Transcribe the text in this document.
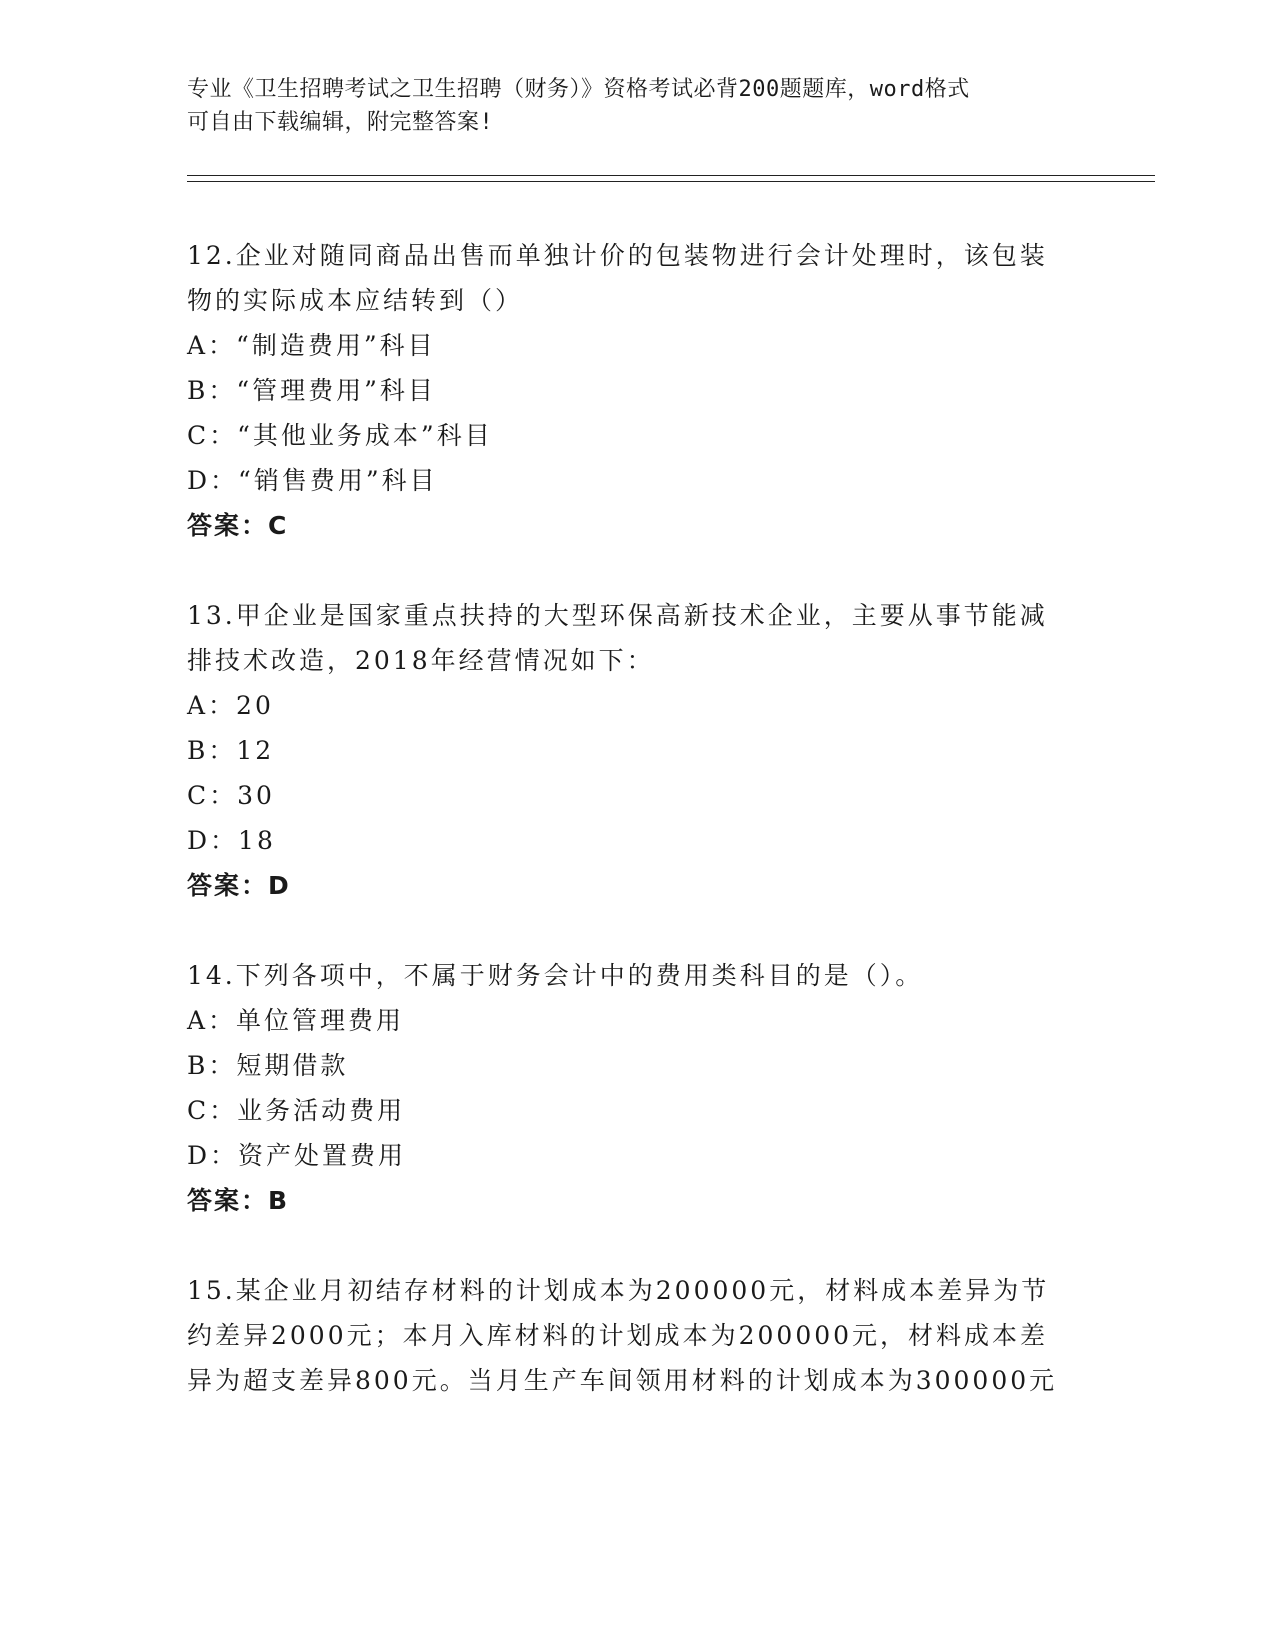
专业《卫生招聘考试之卫生招聘（财务）》资格考试必背200题题库，word格式
可自由下载编辑，附完整答案!

12.企业对随同商品出售而单独计价的包装物进行会计处理时，该包装物的实际成本应结转到（）

A：“制造费用”科目

B：“管理费用”科目

C：“其他业务成本”科目

D：“销售费用”科目

答案：C

13.甲企业是国家重点扶持的大型环保高新技术企业，主要从事节能减排技术改造，2018年经营情况如下：

A：20

B：12

C：30

D：18

答案：D

14.下列各项中，不属于财务会计中的费用类科目的是（）。

A：单位管理费用

B：短期借款

C：业务活动费用

D：资产处置费用

答案：B

15.某企业月初结存材料的计划成本为200000元，材料成本差异为节约差异2000元；本月入库材料的计划成本为200000元，材料成本差异为超支差异800元。当月生产车间领用材料的计划成本为300000元
